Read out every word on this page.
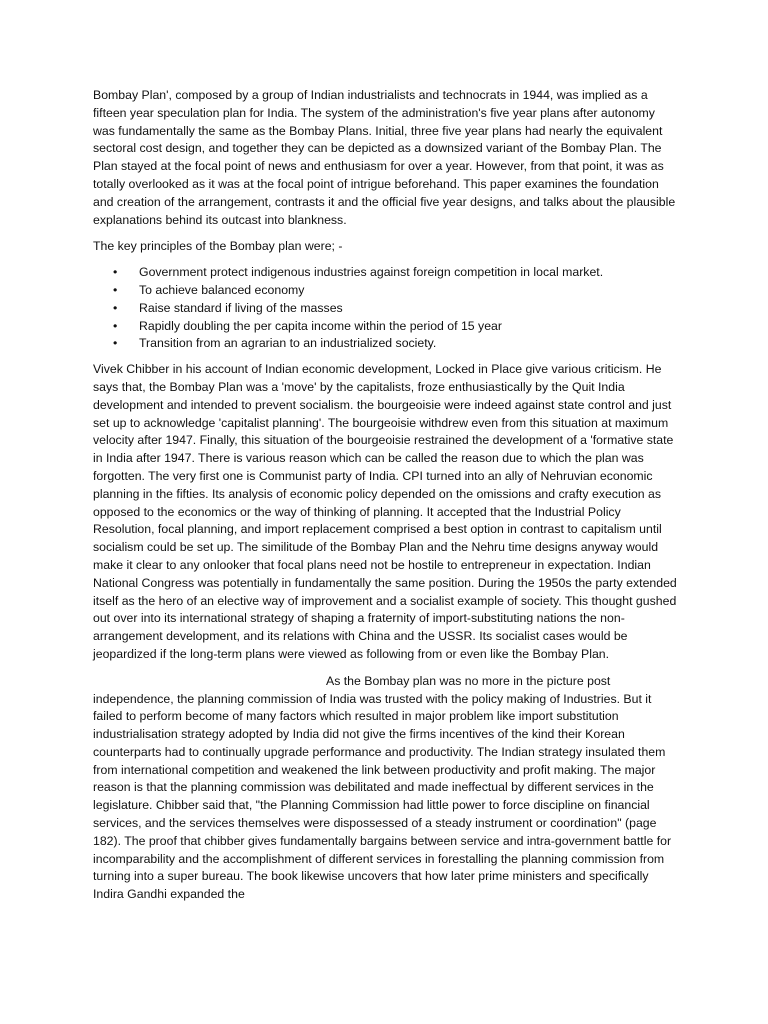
Bombay Plan', composed by a group of Indian industrialists and technocrats in 1944, was implied as a fifteen year speculation plan for India. The system of the administration's five year plans after autonomy was fundamentally the same as the Bombay Plans. Initial, three five year plans had nearly the equivalent sectoral cost design, and together they can be depicted as a downsized variant of the Bombay Plan. The Plan stayed at the focal point of news and enthusiasm for over a year. However, from that point, it was as totally overlooked as it was at the focal point of intrigue beforehand. This paper examines the foundation and creation of the arrangement, contrasts it and the official five year designs, and talks about the plausible explanations behind its outcast into blankness.

The key principles of the Bombay plan were; -

• Government protect indigenous industries against foreign competition in local market.
• To achieve balanced economy
• Raise standard if living of the masses
• Rapidly doubling the per capita income within the period of 15 year
• Transition from an agrarian to an industrialized society.

Vivek Chibber in his account of Indian economic development, Locked in Place give various criticism. He says that, the Bombay Plan was a 'move' by the capitalists, froze enthusiastically by the Quit India development and intended to prevent socialism. the bourgeoisie were indeed against state control and just set up to acknowledge 'capitalist planning'. The bourgeoisie withdrew even from this situation at maximum velocity after 1947. Finally, this situation of the bourgeoisie restrained the development of a 'formative state in India after 1947. There is various reason which can be called the reason due to which the plan was forgotten. The very first one is Communist party of India. CPI turned into an ally of Nehruvian economic planning in the fifties. Its analysis of economic policy depended on the omissions and crafty execution as opposed to the economics or the way of thinking of planning. It accepted that the Industrial Policy Resolution, focal planning, and import replacement comprised a best option in contrast to capitalism until socialism could be set up. The similitude of the Bombay Plan and the Nehru time designs anyway would make it clear to any onlooker that focal plans need not be hostile to entrepreneur in expectation. Indian National Congress was potentially in fundamentally the same position. During the 1950s the party extended itself as the hero of an elective way of improvement and a socialist example of society. This thought gushed out over into its international strategy of shaping a fraternity of import-substituting nations the non-arrangement development, and its relations with China and the USSR. Its socialist cases would be jeopardized if the long-term plans were viewed as following from or even like the Bombay Plan.

As the Bombay plan was no more in the picture post independence, the planning commission of India was trusted with the policy making of Industries. But it failed to perform become of many factors which resulted in major problem like import substitution industrialisation strategy adopted by India did not give the firms incentives of the kind their Korean counterparts had to continually upgrade performance and productivity. The Indian strategy insulated them from international competition and weakened the link between productivity and profit making. The major reason is that the planning commission was debilitated and made ineffectual by different services in the legislature. Chibber said that, "the Planning Commission had little power to force discipline on financial services, and the services themselves were dispossessed of a steady instrument or coordination" (page 182). The proof that chibber gives fundamentally bargains between service and intra-government battle for incomparability and the accomplishment of different services in forestalling the planning commission from turning into a super bureau. The book likewise uncovers that how later prime ministers and specifically Indira Gandhi expanded the
